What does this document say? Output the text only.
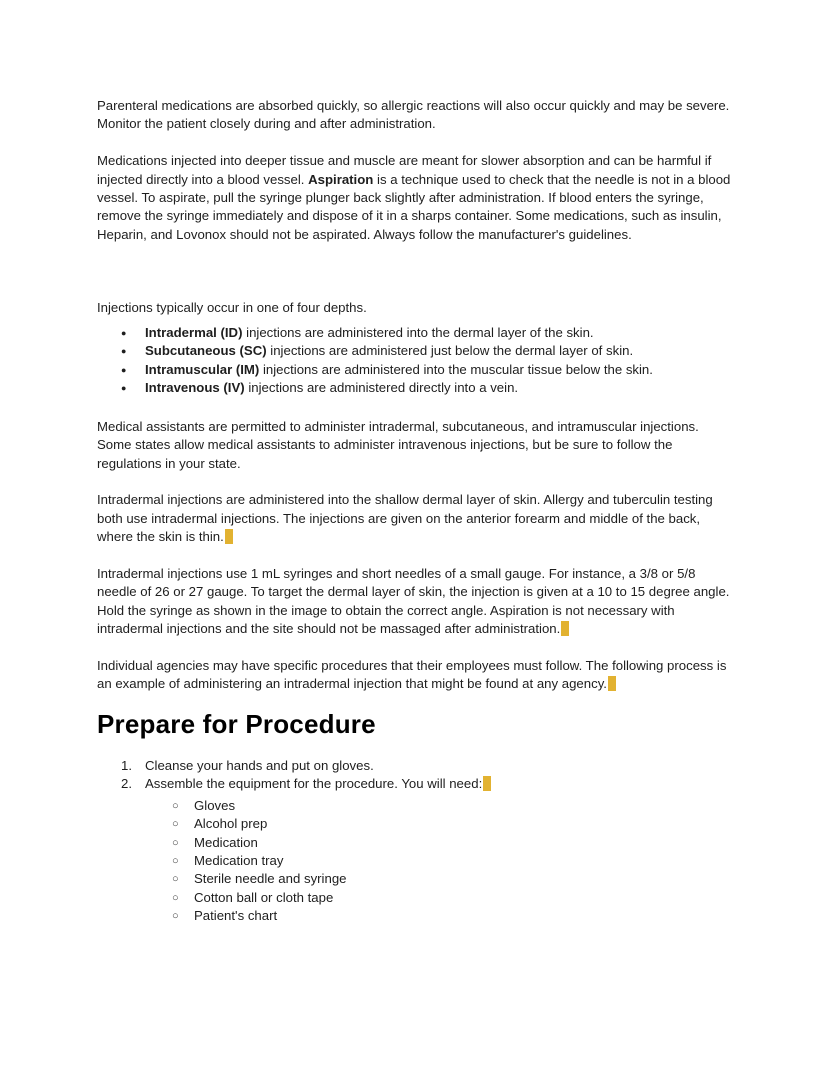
Parenteral medications are absorbed quickly, so allergic reactions will also occur quickly and may be severe. Monitor the patient closely during and after administration.
Medications injected into deeper tissue and muscle are meant for slower absorption and can be harmful if injected directly into a blood vessel. Aspiration is a technique used to check that the needle is not in a blood vessel. To aspirate, pull the syringe plunger back slightly after administration. If blood enters the syringe, remove the syringe immediately and dispose of it in a sharps container. Some medications, such as insulin, Heparin, and Lovonox should not be aspirated. Always follow the manufacturer's guidelines.
Injections typically occur in one of four depths.
●	Intradermal (ID) injections are administered into the dermal layer of the skin.
●	Subcutaneous (SC) injections are administered just below the dermal layer of skin.
●	Intramuscular (IM) injections are administered into the muscular tissue below the skin.
●	Intravenous (IV) injections are administered directly into a vein.
Medical assistants are permitted to administer intradermal, subcutaneous, and intramuscular injections. Some states allow medical assistants to administer intravenous injections, but be sure to follow the regulations in your state.
Intradermal injections are administered into the shallow dermal layer of skin. Allergy and tuberculin testing both use intradermal injections. The injections are given on the anterior forearm and middle of the back, where the skin is thin.
Intradermal injections use 1 mL syringes and short needles of a small gauge. For instance, a 3/8 or 5/8 needle of 26 or 27 gauge. To target the dermal layer of skin, the injection is given at a 10 to 15 degree angle. Hold the syringe as shown in the image to obtain the correct angle. Aspiration is not necessary with intradermal injections and the site should not be massaged after administration.
Individual agencies may have specific procedures that their employees must follow. The following process is an example of administering an intradermal injection that might be found at any agency.
Prepare for Procedure
1. Cleanse your hands and put on gloves.
2. Assemble the equipment for the procedure. You will need:
○	Gloves
○	Alcohol prep
○	Medication
○	Medication tray
○	Sterile needle and syringe
○	Cotton ball or cloth tape
○	Patient's chart
